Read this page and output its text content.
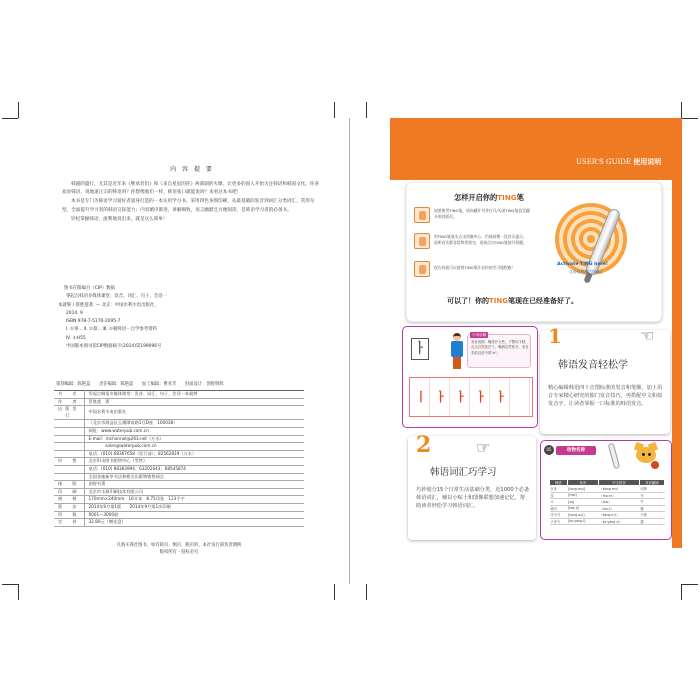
内 容 提 要

韩剧的盛行，尤其是近年来《继承者们》和《来自星星的你》两部剧的火爆，让更多的国人开始关注韩语和韩国文化。你喜欢说韩语，说地道正宗的韩语吗？你想像他们一样，韩语张口就能说吗？来看这本书吧！

本书是专门为韩语学习爱好者量身打造的一本实用学习书，采用四色多图印刷，从最基础的发音到词汇分类词汇、常用句型，全面提升学习者的韩语交际能力；内容循序渐进，讲解细致，语言幽默且方便阅读，是韩语学习者的必备书。

轻松掌握韩语，流利地说出来，就是这么简单！

图书在版编目（CIP）数据
零起点韩语多媒体课堂：发音、词汇、句子、会话一
本就够 / 蔡胜莲著. — 北京：中国水利水电出版社，
2014. 9
ISBN 978-7-5170-2095-7
Ⅰ. ①零… Ⅱ. ①蔡… Ⅲ. ①朝鲜语－自学参考资料
Ⅳ. ①H55
中国版本图书馆CIP数据核字(2014)第199096号
策划编辑：陈艳蕊　　责任编辑：陈艳蕊　　加工编辑：曹亚芳　　封面设计：创智明辉
书　名	零起点韩语多媒体课堂：发音、词汇、句子、会话一本就够
作　者	蔡胜莲　著
出版发行	中国水利水电出版社
	（北京市海淀区玉渊潭南路1号D座　100038）
	网址：www.waterpub.com.cn
	E-mail：mchannel@263.net（万水）
	　　　　sales@waterpub.com.cn
	电话：(010) 68367658（发行部）、82562819（万水）
经　售	北京科水图书销售中心（零售）
	电话：(010) 88383994、63202643、68545874
	全国各地新华书店和相关出版物销售网点
排　版	创智书策
印　刷	北京市丰源印刷技术有限公司
规　格	170mm×240mm　16开本　8.75印张　123千字
版　次	2014年9月第1版　　2014年9月第1次印刷
印　数	0001—3000册
定　价	32.80元（赠光盘）
凡购买我社图书，如有缺页、倒页、脱页的，本社发行部负责调换
版权所有・侵权必究
USER'S GUIDE 使用说明
怎样开启你的TING笔
如要使用TING笔，请向翻开书并打开/关闭TING笔直至翻开的封面页。
用TING笔笔头点击图像中心，仍保持稍一段音乐提示，说明音乐都非常和等到完，再按点击TING笔的开始键。
现在你就可以使用TING笔开启你的学习旅程啦！
Activate TING here!
点击这里激活TING！
可以了！你的TING笔现在已经准备好了。
ㅏ
字母讲解
发音说明：嘴张开大些，下颚向下移，舌尖自然放在下，嘴唇自然张开，发音类似汉语中的"a"。
丨 ㅏ ㅏ ㅏ ㅏ
1	☜
韩语发音轻松学
精心编辑韩语四十音图标准的发音和笔顺，加上语音专家精心研究的独门发音技巧，再搭配中文和拟发音字，让读者掌握一口标准的韩语发音。
2	☞
韩语词汇巧学习
巧妙划分15个日常生活基础分类，近1000个必备韩语词汇，辅以小贴士和图像联想加速记忆，帮助读者轻松学习韩语词汇。
05	动物名称
韩语	发音	中文拼音	对应翻译
동물	[tong-mul]	（dong mu）	动物
말	[mal]	（ma er）	马
소	[so]	（suo）	牛
돼지	[toe-ji]	（dui ji）	猪
강아지	[kang-a-ji]	（kang a ji）	小狗
고양이	[ko-yang-i]	（ko yang yi）	猫
